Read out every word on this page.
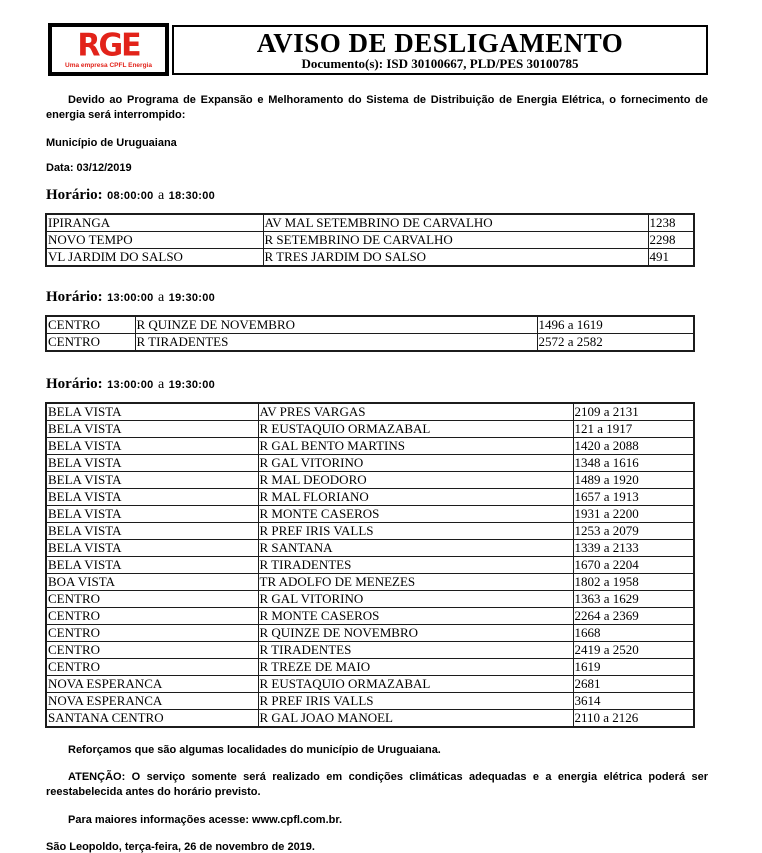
RGE
Uma empresa CPFL Energia
AVISO DE DESLIGAMENTO
Documento(s): ISD 30100667, PLD/PES 30100785

Devido ao Programa de Expansão e Melhoramento do Sistema de Distribuição de Energia Elétrica, o fornecimento de energia será interrompido:

Município de Uruguaiana
Data: 03/12/2019
Horário: 08:00:00 a 18:30:00
IPIRANGA	AV MAL SETEMBRINO DE CARVALHO	1238
NOVO TEMPO	R SETEMBRINO DE CARVALHO	2298
VL JARDIM DO SALSO	R TRES JARDIM DO SALSO	491
Horário: 13:00:00 a 19:30:00
CENTRO	R QUINZE DE NOVEMBRO	1496 a 1619
CENTRO	R TIRADENTES	2572 a 2582
Horário: 13:00:00 a 19:30:00
BELA VISTA	AV PRES VARGAS	2109 a 2131
BELA VISTA	R EUSTAQUIO ORMAZABAL	121 a 1917
BELA VISTA	R GAL BENTO MARTINS	1420 a 2088
BELA VISTA	R GAL VITORINO	1348 a 1616
BELA VISTA	R MAL DEODORO	1489 a 1920
BELA VISTA	R MAL FLORIANO	1657 a 1913
BELA VISTA	R MONTE CASEROS	1931 a 2200
BELA VISTA	R PREF IRIS VALLS	1253 a 2079
BELA VISTA	R SANTANA	1339 a 2133
BELA VISTA	R TIRADENTES	1670 a 2204
BOA VISTA	TR ADOLFO DE MENEZES	1802 a 1958
CENTRO	R GAL VITORINO	1363 a 1629
CENTRO	R MONTE CASEROS	2264 a 2369
CENTRO	R QUINZE DE NOVEMBRO	1668
CENTRO	R TIRADENTES	2419 a 2520
CENTRO	R TREZE DE MAIO	1619
NOVA ESPERANCA	R EUSTAQUIO ORMAZABAL	2681
NOVA ESPERANCA	R PREF IRIS VALLS	3614
SANTANA CENTRO	R GAL JOAO MANOEL	2110 a 2126

Reforçamos que são algumas localidades do município de Uruguaiana.

ATENÇÃO: O serviço somente será realizado em condições climáticas adequadas e a energia elétrica poderá ser reestabelecida antes do horário previsto.

Para maiores informações acesse: www.cpfl.com.br.

São Leopoldo, terça-feira, 26 de novembro de 2019.
